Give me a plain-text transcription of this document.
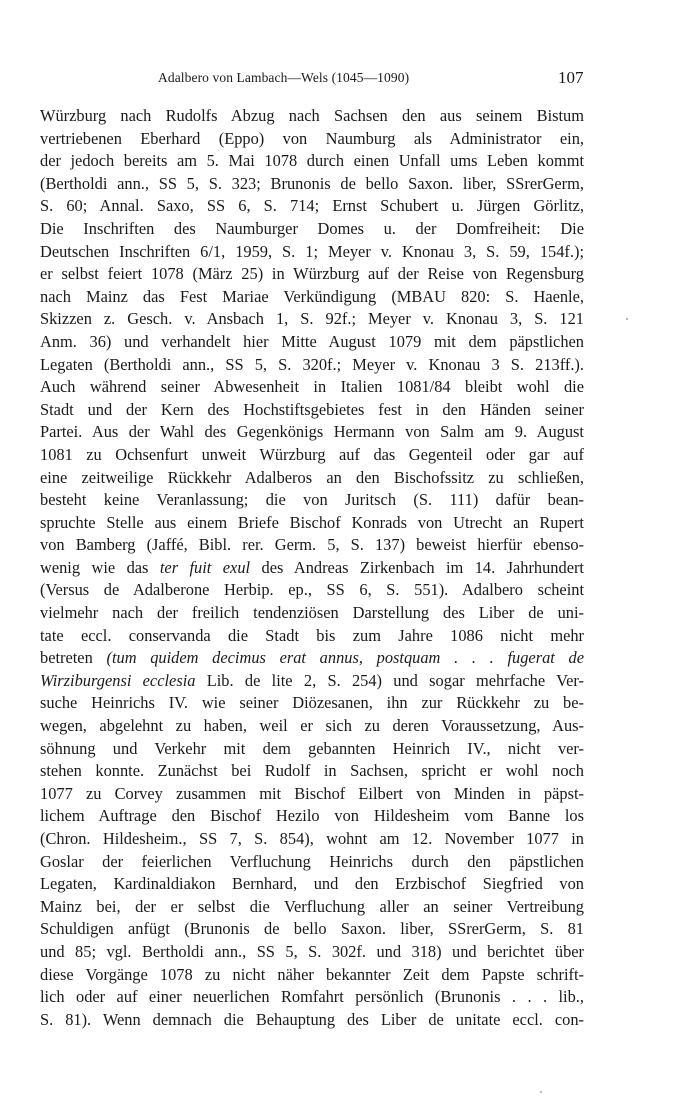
Adalbero von Lambach—Wels (1045—1090)	107
Würzburg nach Rudolfs Abzug nach Sachsen den aus seinem Bistum
vertriebenen Eberhard (Eppo) von Naumburg als Administrator ein,
der jedoch bereits am 5. Mai 1078 durch einen Unfall ums Leben kommt
(Bertholdi ann., SS 5, S. 323; Brunonis de bello Saxon. liber, SSrerGerm,
S. 60; Annal. Saxo, SS 6, S. 714; Ernst Schubert u. Jürgen Görlitz,
Die Inschriften des Naumburger Domes u. der Domfreiheit: Die
Deutschen Inschriften 6/1, 1959, S. 1; Meyer v. Knonau 3, S. 59, 154f.);
er selbst feiert 1078 (März 25) in Würzburg auf der Reise von Regensburg
nach Mainz das Fest Mariae Verkündigung (MBAU 820: S. Haenle,
Skizzen z. Gesch. v. Ansbach 1, S. 92f.; Meyer v. Knonau 3, S. 121
Anm. 36) und verhandelt hier Mitte August 1079 mit dem päpstlichen
Legaten (Bertholdi ann., SS 5, S. 320f.; Meyer v. Knonau 3 S. 213ff.).
Auch während seiner Abwesenheit in Italien 1081/84 bleibt wohl die
Stadt und der Kern des Hochstiftsgebietes fest in den Händen seiner
Partei. Aus der Wahl des Gegenkönigs Hermann von Salm am 9. August
1081 zu Ochsenfurt unweit Würzburg auf das Gegenteil oder gar auf
eine zeitweilige Rückkehr Adalberos an den Bischofssitz zu schließen,
besteht keine Veranlassung; die von Juritsch (S. 111) dafür bean-
spruchte Stelle aus einem Briefe Bischof Konrads von Utrecht an Rupert
von Bamberg (Jaffé, Bibl. rer. Germ. 5, S. 137) beweist hierfür ebenso-
wenig wie das ter fuit exul des Andreas Zirkenbach im 14. Jahrhundert
(Versus de Adalberone Herbip. ep., SS 6, S. 551). Adalbero scheint
vielmehr nach der freilich tendenziösen Darstellung des Liber de uni-
tate eccl. conservanda die Stadt bis zum Jahre 1086 nicht mehr
betreten (tum quidem decimus erat annus, postquam . . . fugerat de
Wirziburgensi ecclesia Lib. de lite 2, S. 254) und sogar mehrfache Ver-
suche Heinrichs IV. wie seiner Diözesanen, ihn zur Rückkehr zu be-
wegen, abgelehnt zu haben, weil er sich zu deren Voraussetzung, Aus-
söhnung und Verkehr mit dem gebannten Heinrich IV., nicht ver-
stehen konnte. Zunächst bei Rudolf in Sachsen, spricht er wohl noch
1077 zu Corvey zusammen mit Bischof Eilbert von Minden in päpst-
lichem Auftrage den Bischof Hezilo von Hildesheim vom Banne los
(Chron. Hildesheim., SS 7, S. 854), wohnt am 12. November 1077 in
Goslar der feierlichen Verfluchung Heinrichs durch den päpstlichen
Legaten, Kardinaldiakon Bernhard, und den Erzbischof Siegfried von
Mainz bei, der er selbst die Verfluchung aller an seiner Vertreibung
Schuldigen anfügt (Brunonis de bello Saxon. liber, SSrerGerm, S. 81
und 85; vgl. Bertholdi ann., SS 5, S. 302f. und 318) und berichtet über
diese Vorgänge 1078 zu nicht näher bekannter Zeit dem Papste schrift-
lich oder auf einer neuerlichen Romfahrt persönlich (Brunonis . . . lib.,
S. 81). Wenn demnach die Behauptung des Liber de unitate eccl. con-
